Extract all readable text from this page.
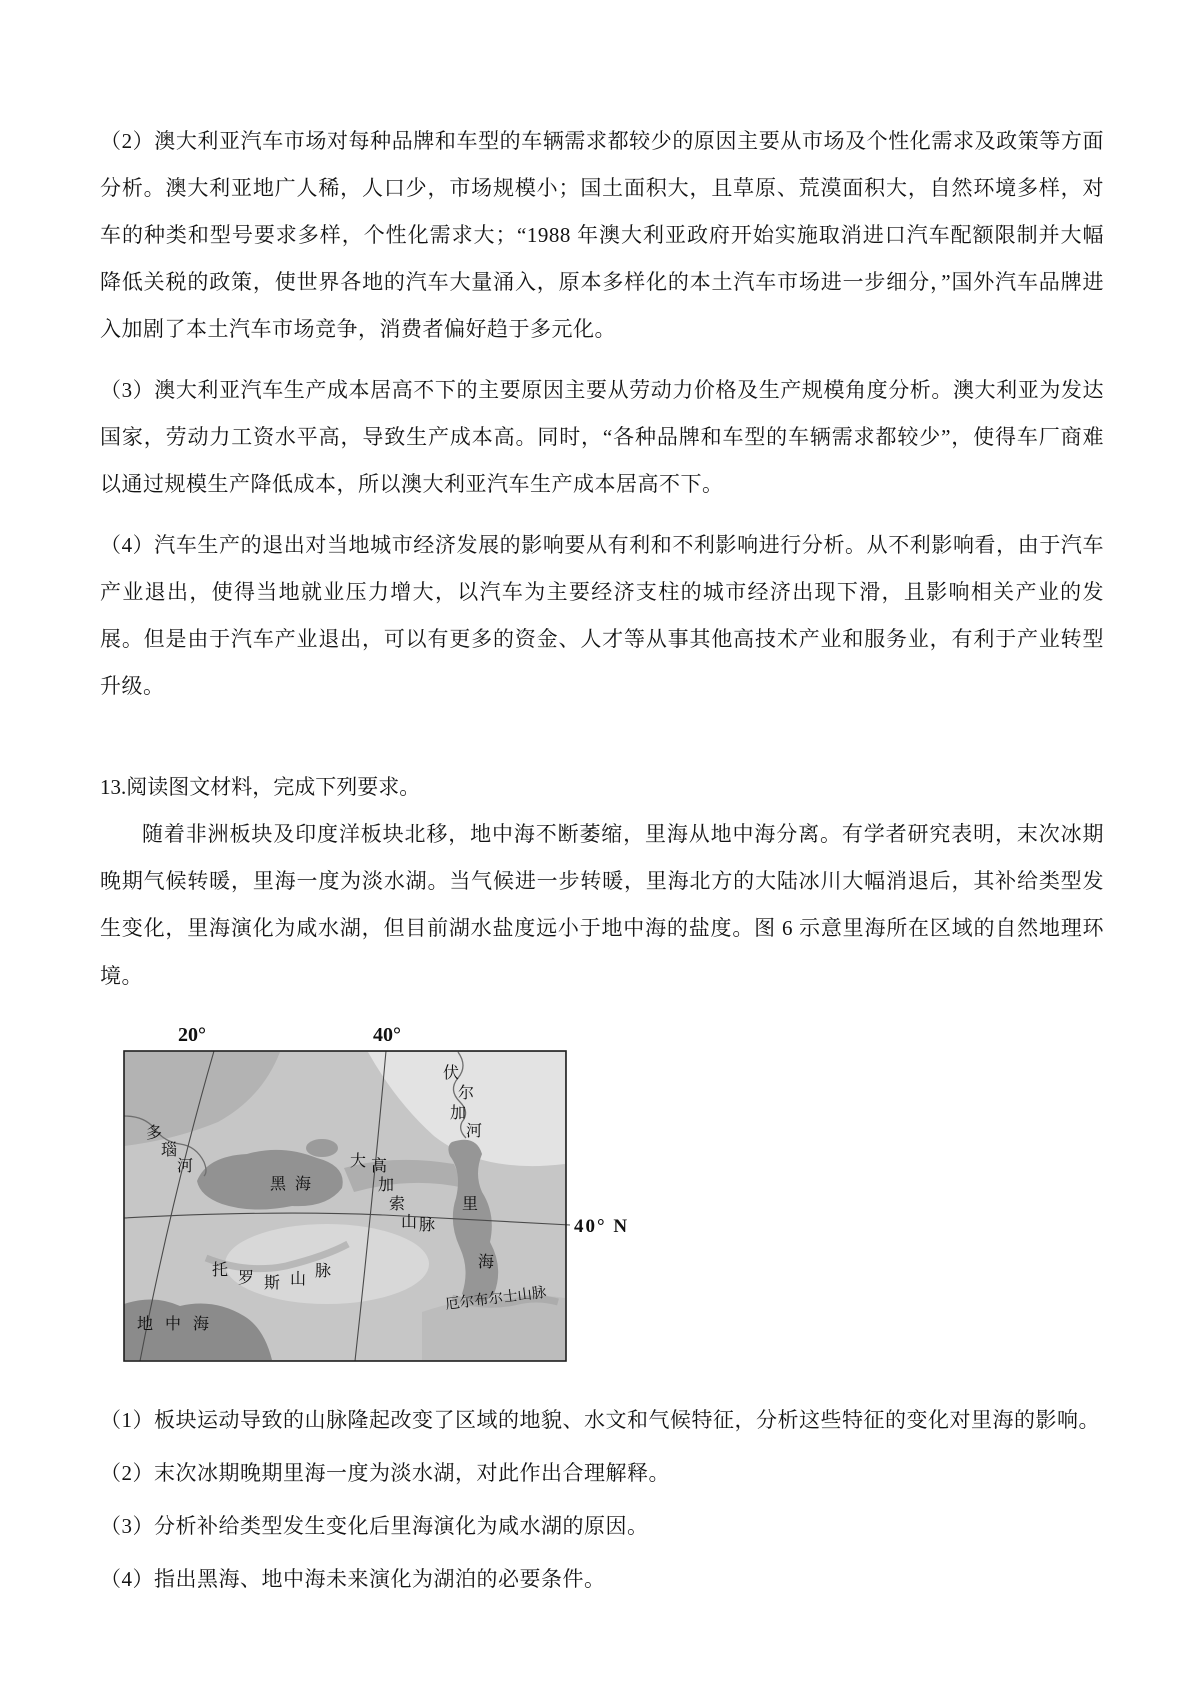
（2）澳大利亚汽车市场对每种品牌和车型的车辆需求都较少的原因主要从市场及个性化需求及政策等方面分析。澳大利亚地广人稀，人口少，市场规模小；国土面积大，且草原、荒漠面积大，自然环境多样，对车的种类和型号要求多样，个性化需求大；“1988 年澳大利亚政府开始实施取消进口汽车配额限制并大幅降低关税的政策，使世界各地的汽车大量涌入，原本多样化的本土汽车市场进一步细分，”国外汽车品牌进入加剧了本土汽车市场竞争，消费者偏好趋于多元化。

（3）澳大利亚汽车生产成本居高不下的主要原因主要从劳动力价格及生产规模角度分析。澳大利亚为发达国家，劳动力工资水平高，导致生产成本高。同时，“各种品牌和车型的车辆需求都较少”，使得车厂商难以通过规模生产降低成本，所以澳大利亚汽车生产成本居高不下。

（4）汽车生产的退出对当地城市经济发展的影响要从有利和不利影响进行分析。从不利影响看，由于汽车产业退出，使得当地就业压力增大，以汽车为主要经济支柱的城市经济出现下滑，且影响相关产业的发展。但是由于汽车产业退出，可以有更多的资金、人才等从事其他高技术产业和服务业，有利于产业转型升级。

13.阅读图文材料，完成下列要求。

随着非洲板块及印度洋板块北移，地中海不断萎缩，里海从地中海分离。有学者研究表明，末次冰期晚期气候转暖，里海一度为淡水湖。当气候进一步转暖，里海北方的大陆冰川大幅消退后，其补给类型发生变化，里海演化为咸水湖，但目前湖水盐度远小于地中海的盐度。图 6 示意里海所在区域的自然地理环境。

20°	40°
40° N
伏
尔
加
河
多
瑙
河
黑海
大 高
加
索
山 脉
里
海
托 罗 斯 山 脉
厄尔布尔士山脉
地中海

（1）板块运动导致的山脉隆起改变了区域的地貌、水文和气候特征，分析这些特征的变化对里海的影响。

（2）末次冰期晚期里海一度为淡水湖，对此作出合理解释。

（3）分析补给类型发生变化后里海演化为咸水湖的原因。

（4）指出黑海、地中海未来演化为湖泊的必要条件。
